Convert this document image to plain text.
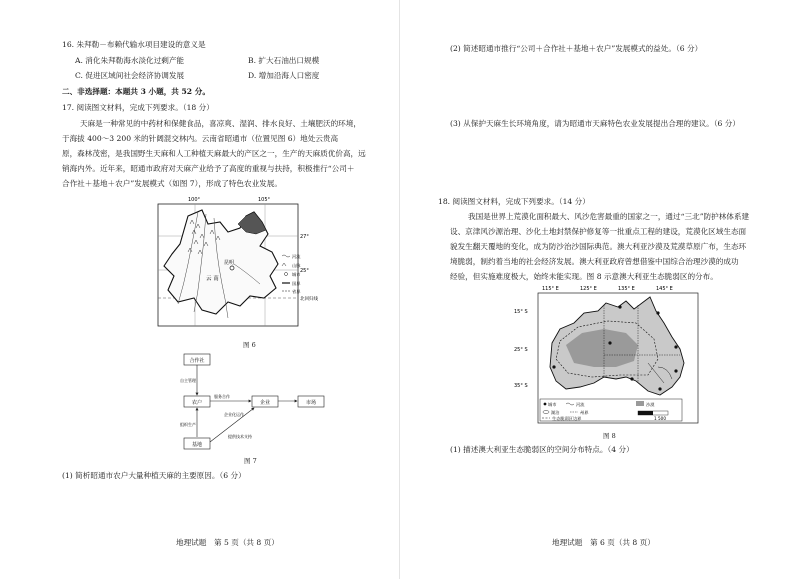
16. 朱拜勒－布赖代输水项目建设的意义是
A. 消化朱拜勒海水淡化过剩产能	B. 扩大石油出口规模
C. 促进区域间社会经济协调发展	D. 增加沿海人口密度
二、非选择题：本题共 3 小题，共 52 分。
17. 阅读图文材料，完成下列要求。（18 分）
天麻是一种常见的中药材和保健食品，喜凉爽、湿润、排水良好、土壤肥沃的环境，
于海拔 400～3 200 米的针阔混交林内。云南省昭通市（位置见图 6）地处云贵高
原，森林茂密，是我国野生天麻和人工种植天麻最大的产区之一，生产的天麻质优价高，远
销海内外。近年来，昭通市政府对天麻产业给予了高度的重视与扶持，积极推行“公司＋
合作社＋基地＋农户”发展模式（如图 7），形成了特色农业发展。
昆明
云 南
100°	105°
27°
25°
北回归线
河流
山脉
城市
国界
省界
图 6
合作社
农户	企业	市场
基地
自主管理
服务合作
组织生产
企业化运作
提供技术支持
图 7
(1) 简析昭通市农户大量种植天麻的主要原因。（6 分）
地理试题　第 5 页（共 8 页）
(2) 简述昭通市推行“公司＋合作社＋基地＋农户”发展模式的益处。（6 分）
(3) 从保护天麻生长环境角度，请为昭通市天麻特色农业发展提出合理的建议。（6 分）
18. 阅读图文材料，完成下列要求。（14 分）
我国是世界上荒漠化面积最大、风沙危害最重的国家之一，通过“三北”防护林体系建
设、京津风沙源治理、沙化土地封禁保护修复等一批重点工程的建设，荒漠化区域生态面
貌发生翻天覆地的变化，成为防沙治沙国际典范。澳大利亚沙漠及荒漠草原广布，生态环
境脆弱，制约着当地的社会经济发展。澳大利亚政府曾想借鉴中国综合治理沙漠的成功
经验，但实施难度极大，始终未能实现。图 8 示意澳大利亚生态脆弱区的分布。
115° E	125° E	135° E	145° E
15° S
25° S
35° S
城市	河流	沙漠
湖泊	州界
生态脆弱区边界	1 500
图 8
(1) 描述澳大利亚生态脆弱区的空间分布特点。（4 分）
地理试题　第 6 页（共 8 页）
